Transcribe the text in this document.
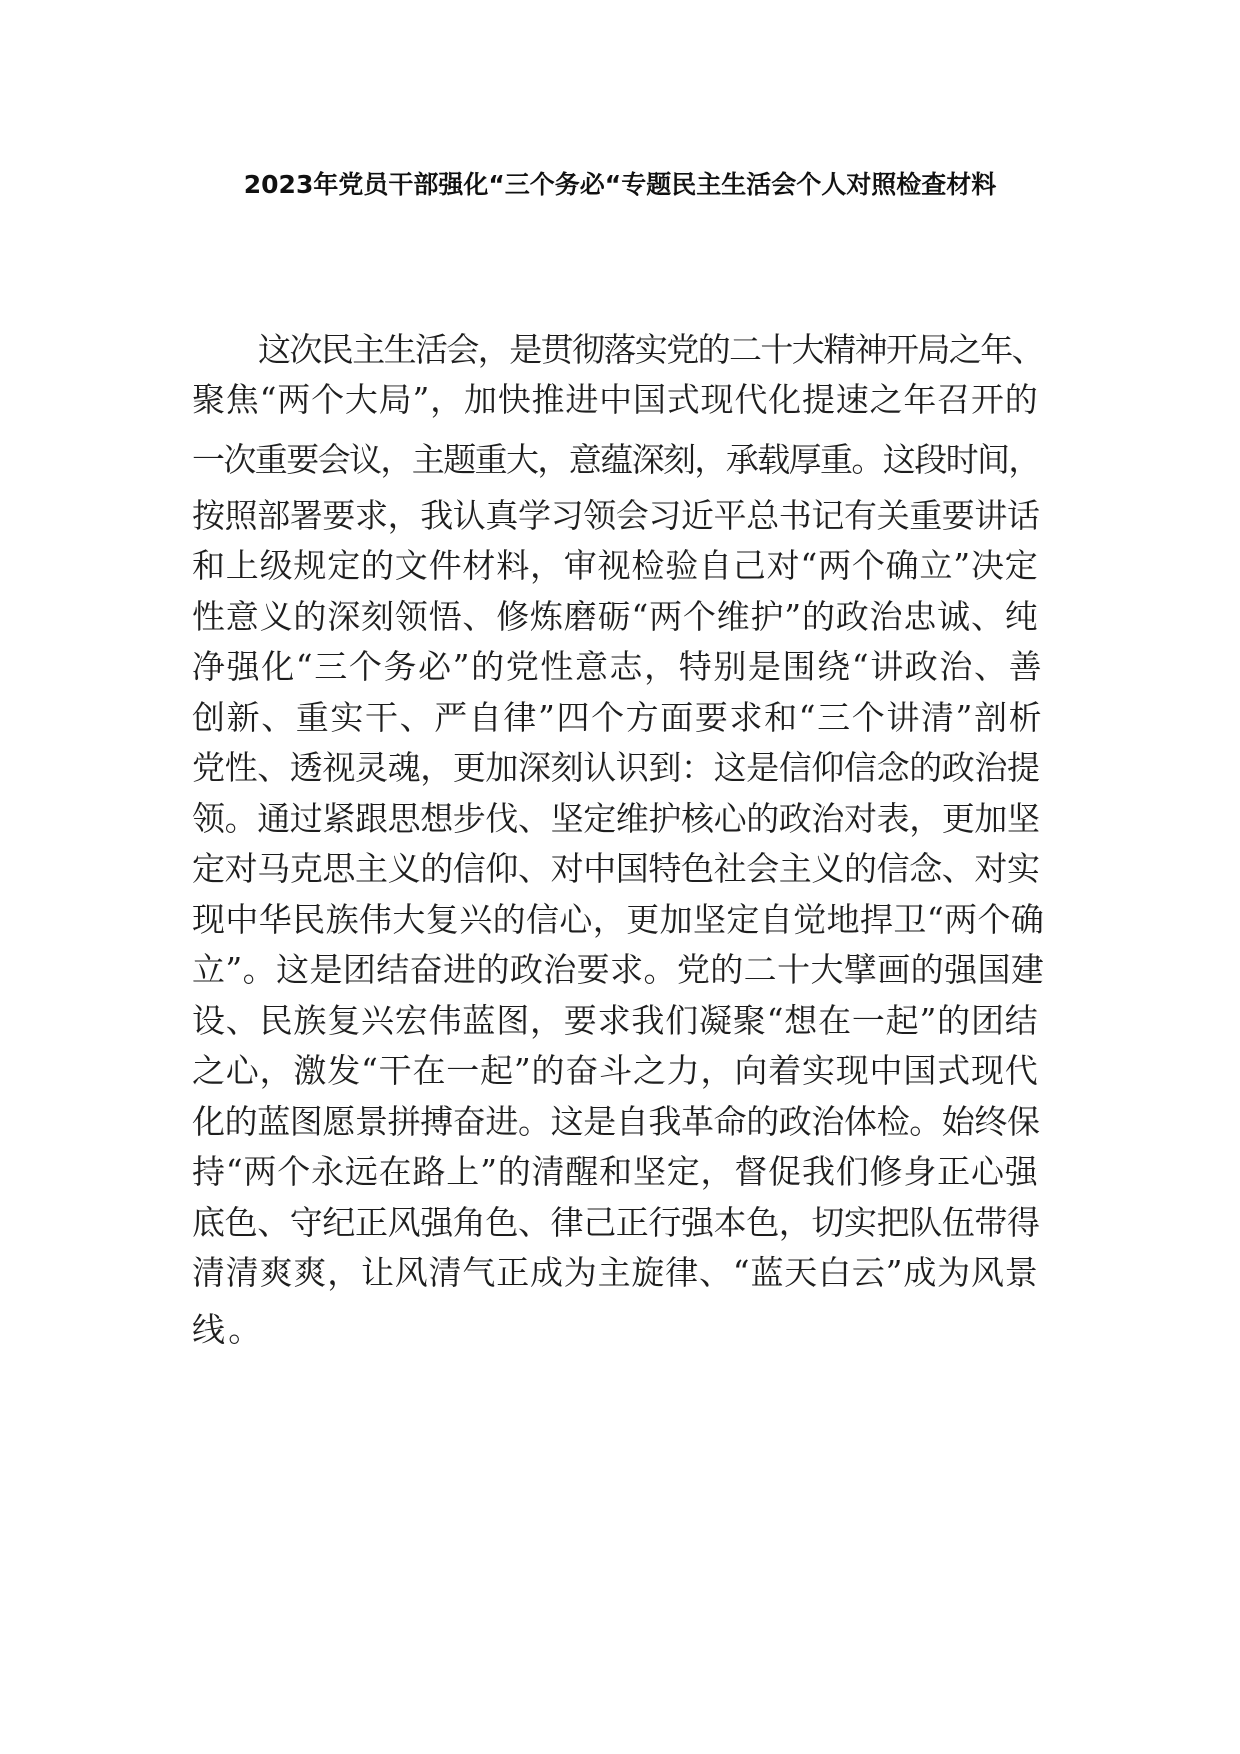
2023年党员干部强化“三个务必“专题民主生活会个人对照检查材料
这次民主生活会，是贯彻落实党的二十大精神开局之年、
聚焦“两个大局”，加快推进中国式现代化提速之年召开的
一次重要会议，主题重大，意蕴深刻，承载厚重。这段时间，
按照部署要求，我认真学习领会习近平总书记有关重要讲话
和上级规定的文件材料，审视检验自己对“两个确立”决定
性意义的深刻领悟、修炼磨砺“两个维护”的政治忠诚、纯
净强化“三个务必”的党性意志，特别是围绕“讲政治、善
创新、重实干、严自律”四个方面要求和“三个讲清”剖析
党性、透视灵魂，更加深刻认识到：这是信仰信念的政治提
领。通过紧跟思想步伐、坚定维护核心的政治对表，更加坚
定对马克思主义的信仰、对中国特色社会主义的信念、对实
现中华民族伟大复兴的信心，更加坚定自觉地捍卫“两个确
立”。这是团结奋进的政治要求。党的二十大擘画的强国建
设、民族复兴宏伟蓝图，要求我们凝聚“想在一起”的团结
之心，激发“干在一起”的奋斗之力，向着实现中国式现代
化的蓝图愿景拼搏奋进。这是自我革命的政治体检。始终保
持“两个永远在路上”的清醒和坚定，督促我们修身正心强
底色、守纪正风强角色、律己正行强本色，切实把队伍带得
清清爽爽，让风清气正成为主旋律、“蓝天白云”成为风景
线。
